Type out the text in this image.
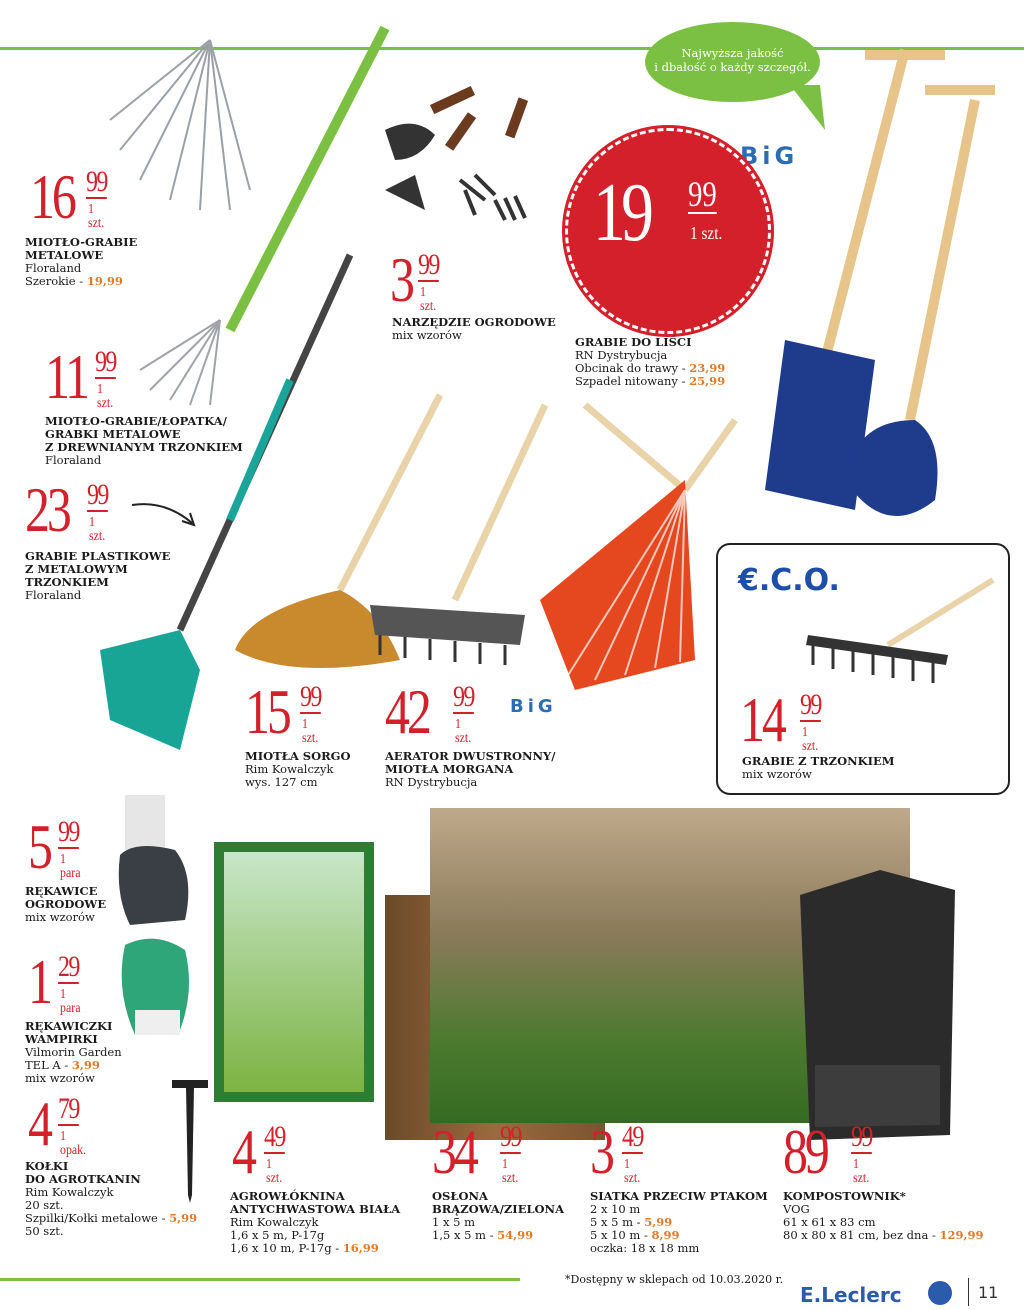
BiG
BiG
Najwyższa jakość
i dbałość o każdy szczegół.
€.C.O.
16 99
1 szt.
MIOTŁO-GRABIE
METALOWE
Floraland
Szerokie - 19,99
11 99
1 szt.
MIOTŁO-GRABIE/ŁOPATKA/
GRABKI METALOWE
Z DREWNIANYM TRZONKIEM
Floraland
23 99
1 szt.
GRABIE PLASTIKOWE
Z METALOWYM
TRZONKIEM
Floraland
3 99
1 szt.
NARZĘDZIE OGRODOWE
mix wzorów
19 99
1 szt.
GRABIE DO LIŚCI
RN Dystrybucja
Obcinak do trawy - 23,99
Szpadel nitowany - 25,99
15 99
1 szt.
MIOTŁA SORGO
Rim Kowalczyk
wys. 127 cm
42 99
1 szt.
AERATOR DWUSTRONNY/
MIOTŁA MORGANA
RN Dystrybucja
14 99
1 szt.
GRABIE Z TRZONKIEM
mix wzorów
5 99
1 para
RĘKAWICE
OGRODOWE
mix wzorów
1 29
1 para
RĘKAWICZKI
WAMPIRKI
Vilmorin Garden
TEL A - 3,99
mix wzorów
4 79
1 opak.
KOŁKI
DO AGROTKANIN
Rim Kowalczyk
20 szt.
Szpilki/Kołki metalowe - 5,99
50 szt.
4 49
1 szt.
AGROWŁÓKNINA
ANTYCHWASTOWA BIAŁA
Rim Kowalczyk
1,6 x 5 m, P-17g
1,6 x 10 m, P-17g - 16,99
34 99
1 szt.
OSŁONA
BRĄZOWA/ZIELONA
1 x 5 m
1,5 x 5 m - 54,99
3 49
1 szt.
SIATKA PRZECIW PTAKOM
2 x 10 m
5 x 5 m - 5,99
5 x 10 m - 8,99
oczka: 18 x 18 mm
89 99
1 szt.
KOMPOSTOWNIK*
VOG
61 x 61 x 83 cm
80 x 80 x 81 cm, bez dna - 129,99
*Dostępny w sklepach od 10.03.2020 r.
E.Leclerc	11
